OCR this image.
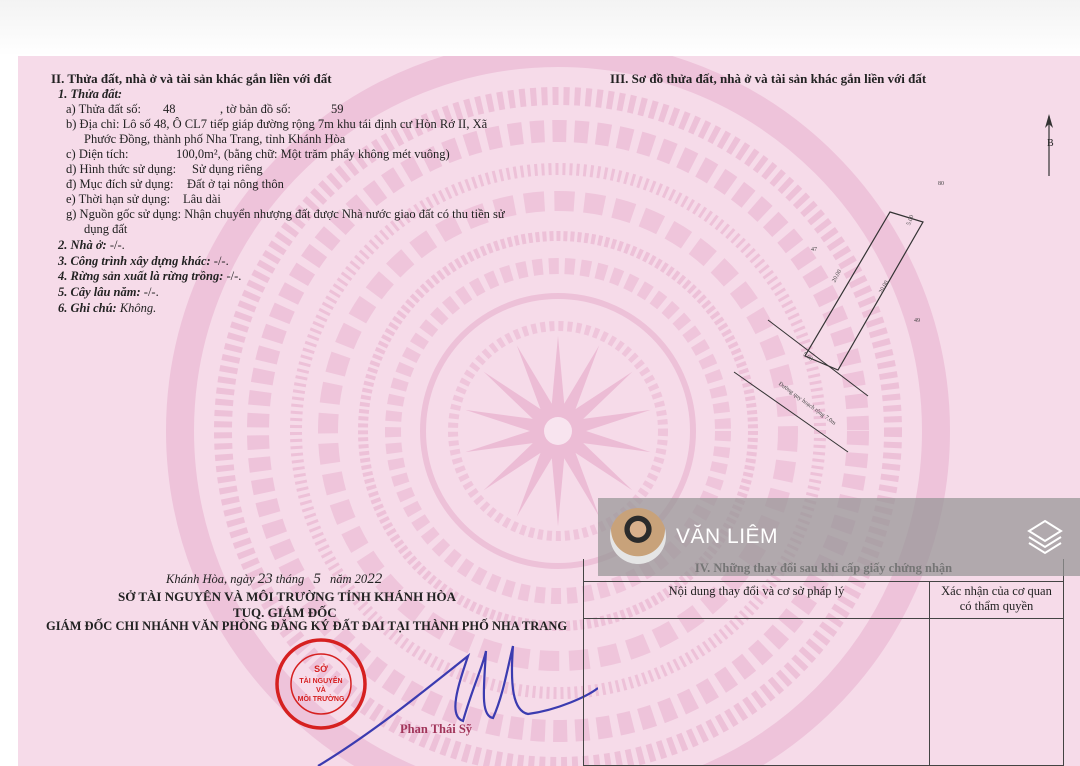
II. Thửa đất, nhà ở và tài sản khác gắn liền với đất
1. Thửa đất:
a) Thửa đất số: 48	, tờ bản đồ số:	59
b) Địa chỉ: Lô số 48, Ô CL7 tiếp giáp đường rộng 7m khu tái định cư Hòn Rớ II, Xã
Phước Đồng, thành phố Nha Trang, tỉnh Khánh Hòa
c) Diện tích:	100,0m², (bằng chữ: Một trăm phẩy không mét vuông)
d) Hình thức sử dụng: Sử dụng riêng
đ) Mục đích sử dụng: Đất ở tại nông thôn
e) Thời hạn sử dụng: Lâu dài
g) Nguồn gốc sử dụng: Nhận chuyển nhượng đất được Nhà nước giao đất có thu tiền sử
dụng đất
2. Nhà ở: -/-.
3. Công trình xây dựng khác: -/-.
4. Rừng sản xuất là rừng trồng: -/-.
5. Cây lâu năm: -/-.
6. Ghi chú: Không.
III. Sơ đồ thửa đất, nhà ở và tài sản khác gắn liền với đất
B
5.00
20.00
20.00
5.00
Đường quy hoạch rộng 7.0m
80
47
49
Khánh Hòa, ngày 23 tháng 5 năm 2022
SỞ TÀI NGUYÊN VÀ MÔI TRƯỜNG TỈNH KHÁNH HÒA
TUQ. GIÁM ĐỐC
GIÁM ĐỐC CHI NHÁNH VĂN PHÒNG ĐĂNG KÝ ĐẤT ĐAI TẠI THÀNH PHỐ NHA TRANG
SỞ
TÀI NGUYÊN
VÀ
MÔI TRƯỜNG
Phan Thái Sỹ

Nội dung thay đổi và cơ sở pháp lý	Xác nhận của cơ quan
có thẩm quyền

VĂN LIÊM
